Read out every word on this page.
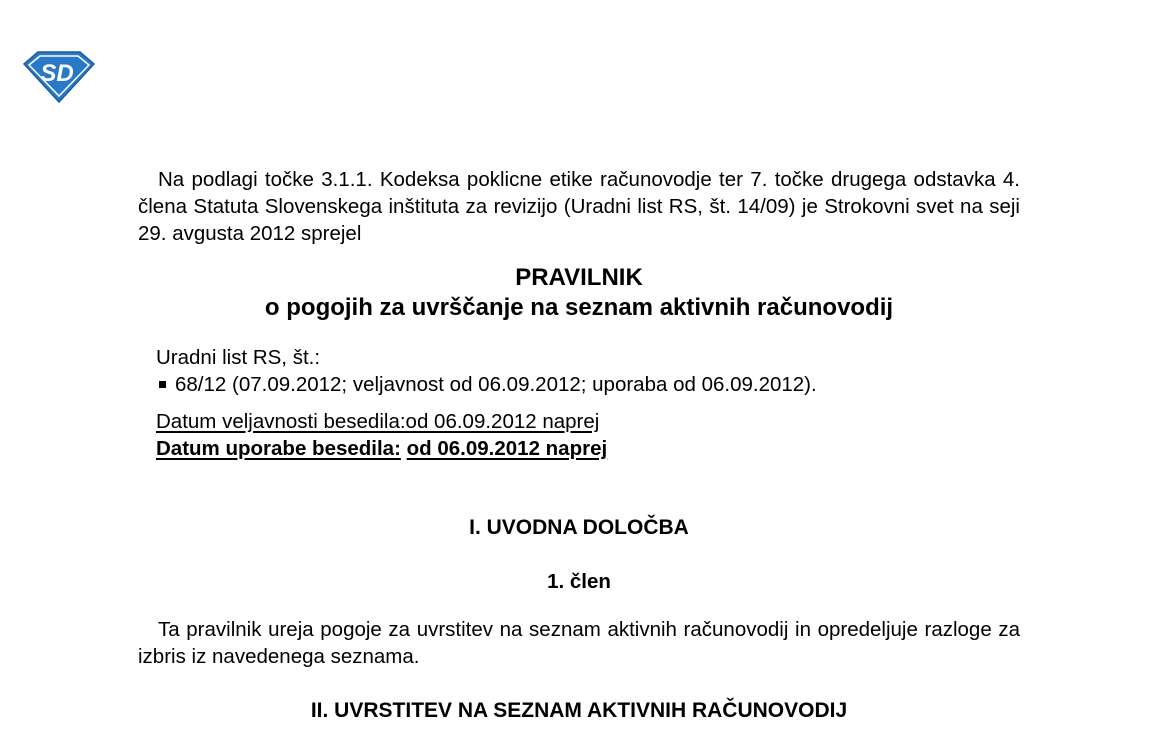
SD

Na podlagi točke 3.1.1. Kodeksa poklicne etike računovodje ter 7. točke drugega odstavka 4. člena Statuta Slovenskega inštituta za revizijo (Uradni list RS, št. 14/09) je Strokovni svet na seji 29. avgusta 2012 sprejel

PRAVILNIK
o pogojih za uvrščanje na seznam aktivnih računovodij

Uradni list RS, št.:

68/12 (07.09.2012; veljavnost od 06.09.2012; uporaba od 06.09.2012).

Datum veljavnosti besedila:od 06.09.2012 naprej

Datum uporabe besedila: od 06.09.2012 naprej

I. UVODNA DOLOČBA

1. člen

Ta pravilnik ureja pogoje za uvrstitev na seznam aktivnih računovodij in opredeljuje razloge za izbris iz navedenega seznama.

II. UVRSTITEV NA SEZNAM AKTIVNIH RAČUNOVODIJ
